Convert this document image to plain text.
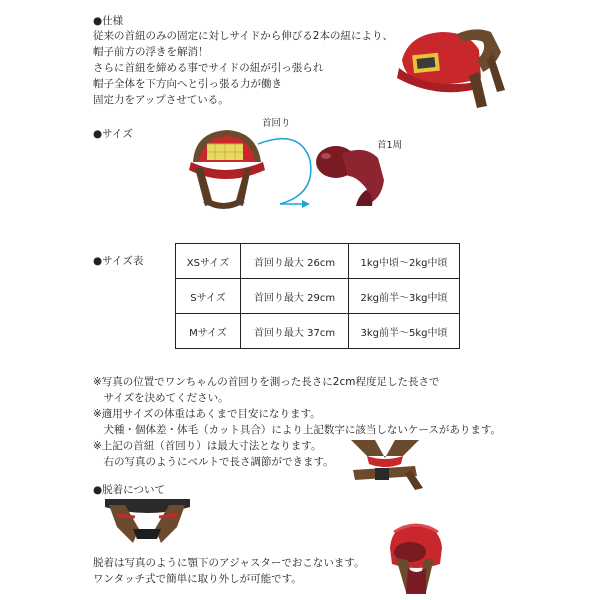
●仕様
従来の首紐のみの固定に対しサイドから伸びる2本の紐により、
帽子前方の浮きを解消！
さらに首紐を締める事でサイドの紐が引っ張られ
帽子全体を下方向へと引っ張る力が働き
固定力をアップさせている。
●サイズ
首回り
首1周
●サイズ表	XSサイズ	首回り最大 26cm	1kg中頃〜2kg中頃
Sサイズ	首回り最大 29cm	2kg前半〜3kg中頃
Mサイズ	首回り最大 37cm	3kg前半〜5kg中頃
※写真の位置でワンちゃんの首回りを測った長さに2cm程度足した長さで
　サイズを決めてください。
※適用サイズの体重はあくまで目安になります。
　犬種・個体差・体毛（カット具合）により上記数字に該当しないケースがあります。
※上記の首紐（首回り）は最大寸法となります。
　右の写真のようにベルトで長さ調節ができます。
●脱着について
脱着は写真のように顎下のアジャスターでおこないます。
ワンタッチ式で簡単に取り外しが可能です。
